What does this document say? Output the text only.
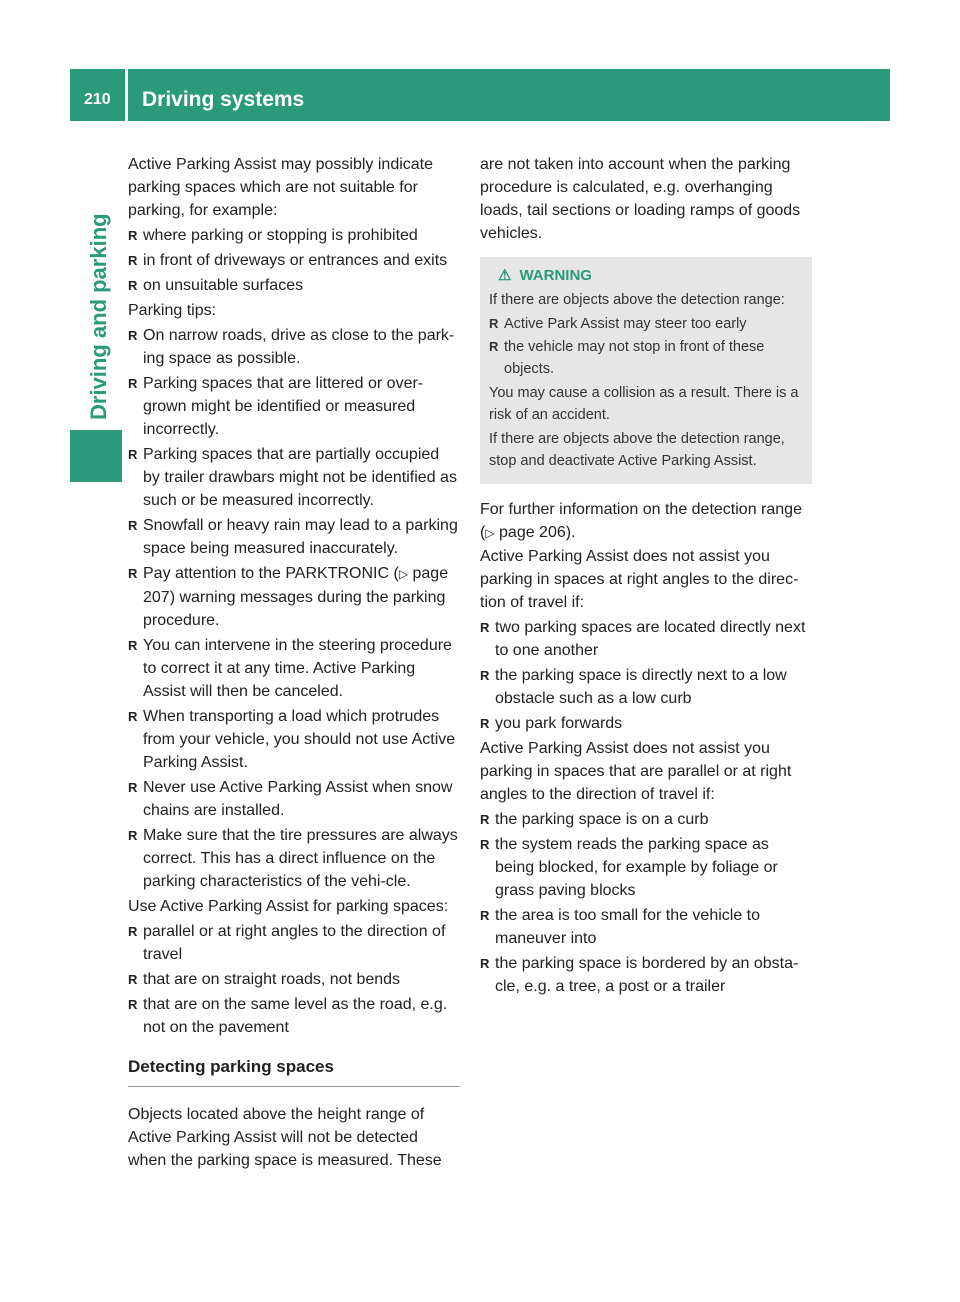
210 Driving systems
Driving and parking

Active Parking Assist may possibly indicate parking spaces which are not suitable for parking, for example:

R where parking or stopping is prohibited
R in front of driveways or entrances and exits
R on unsuitable surfaces

Parking tips:

R On narrow roads, drive as close to the park-ing space as possible.
R Parking spaces that are littered or over-grown might be identified or measured incorrectly.
R Parking spaces that are partially occupied by trailer drawbars might not be identified as such or be measured incorrectly.
R Snowfall or heavy rain may lead to a parking space being measured inaccurately.
R Pay attention to the PARKTRONIC (▷ page 207) warning messages during the parking procedure.
R You can intervene in the steering procedure to correct it at any time. Active Parking Assist will then be canceled.
R When transporting a load which protrudes from your vehicle, you should not use Active Parking Assist.
R Never use Active Parking Assist when snow chains are installed.
R Make sure that the tire pressures are always correct. This has a direct influence on the parking characteristics of the vehi-cle.

Use Active Parking Assist for parking spaces:

R parallel or at right angles to the direction of travel
R that are on straight roads, not bends
R that are on the same level as the road, e.g. not on the pavement
Detecting parking spaces

Objects located above the height range of Active Parking Assist will not be detected when the parking space is measured. These

are not taken into account when the parking procedure is calculated, e.g. overhanging loads, tail sections or loading ramps of goods vehicles.

⚠ WARNING

If there are objects above the detection range:

R Active Park Assist may steer too early
R the vehicle may not stop in front of these objects.

You may cause a collision as a result. There is a risk of an accident.

If there are objects above the detection range, stop and deactivate Active Parking Assist.

For further information on the detection range (▷ page 206).

Active Parking Assist does not assist you parking in spaces at right angles to the direc-tion of travel if:

R two parking spaces are located directly next to one another
R the parking space is directly next to a low obstacle such as a low curb
R you park forwards

Active Parking Assist does not assist you parking in spaces that are parallel or at right angles to the direction of travel if:

R the parking space is on a curb
R the system reads the parking space as being blocked, for example by foliage or grass paving blocks
R the area is too small for the vehicle to maneuver into
R the parking space is bordered by an obsta-cle, e.g. a tree, a post or a trailer
